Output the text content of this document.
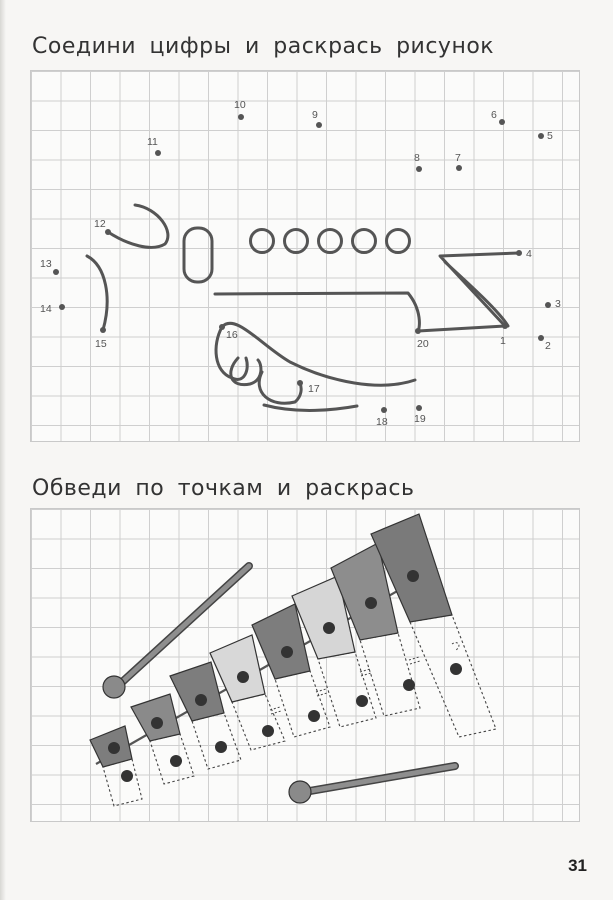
Соедини цифры и раскрась рисунок
Обведи по точкам и раскрась
1	2
3
4
5
6
7
8
9
10
11
12
13
14
15
16
17
18	19
20
31
